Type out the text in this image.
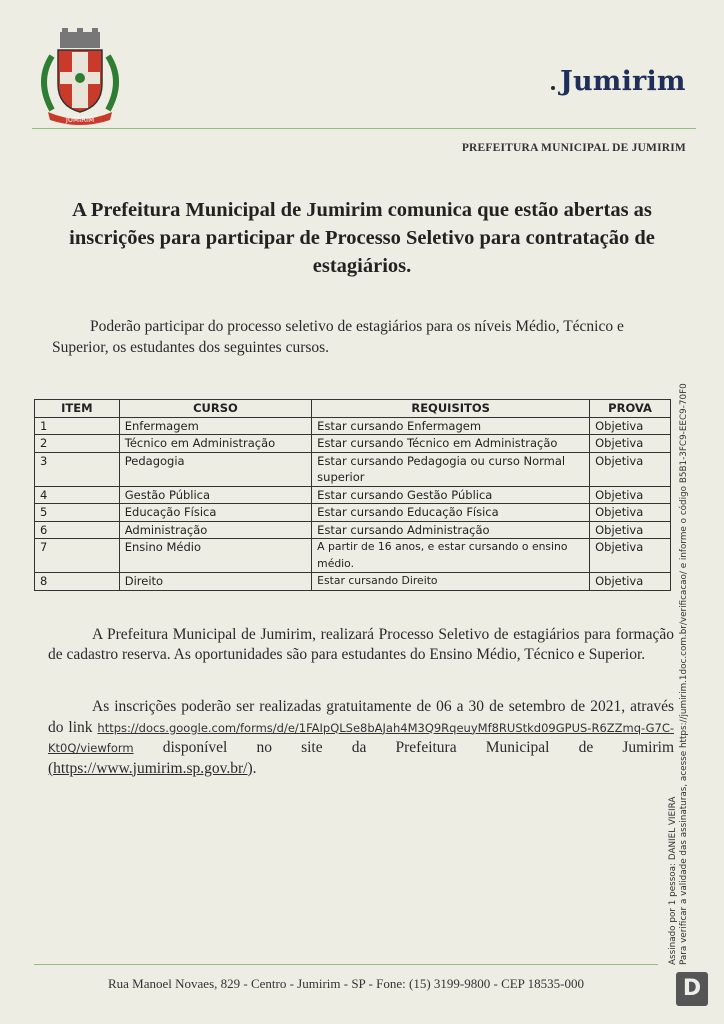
JUMIRIM
Jumirim
PREFEITURA MUNICIPAL DE JUMIRIM
A Prefeitura Municipal de Jumirim comunica que estão abertas as inscrições para participar de Processo Seletivo para contratação de estagiários.
Poderão participar do processo seletivo de estagiários para os níveis Médio, Técnico e Superior, os estudantes dos seguintes cursos.
ITEM	CURSO	REQUISITOS	PROVA
1	Enfermagem	Estar cursando Enfermagem	Objetiva
2	Técnico em Administração	Estar cursando Técnico em Administração	Objetiva
3	Pedagogia	Estar cursando Pedagogia ou curso Normal superior	Objetiva
4	Gestão Pública	Estar cursando Gestão Pública	Objetiva
5	Educação Física	Estar cursando Educação Física	Objetiva
6	Administração	Estar cursando Administração	Objetiva
7	Ensino Médio	A partir de 16 anos, e estar cursando o ensino médio.	Objetiva
8	Direito	Estar cursando Direito	Objetiva
A Prefeitura Municipal de Jumirim, realizará Processo Seletivo de estagiários para formação de cadastro reserva. As oportunidades são para estudantes do Ensino Médio, Técnico e Superior.
As inscrições poderão ser realizadas gratuitamente de 06 a 30 de setembro de 2021, através do link https://docs.google.com/forms/d/e/1FAIpQLSe8bAJah4M3Q9RqeuyMf8RUStkd09GPUS-R6ZZmq-G7C-Kt0Q/viewform disponível no site da Prefeitura Municipal de Jumirim (https://www.jumirim.sp.gov.br/).
Assinado por 1 pessoa: DANIEL VIEIRA Para verificar a validade das assinaturas, acesse https://jumirim.1doc.com.br/verificacao/ e informe o código B5B1-3FC9-EEC9-70F0
Rua Manoel Novaes, 829 - Centro - Jumirim - SP - Fone: (15) 3199-9800 - CEP 18535-000	D
